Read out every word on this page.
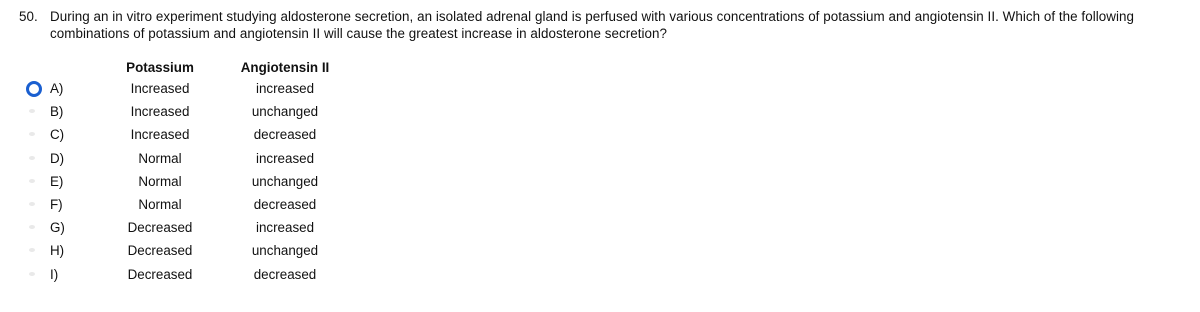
50. During an in vitro experiment studying aldosterone secretion, an isolated adrenal gland is perfused with various concentrations of potassium and angiotensin II. Which of the following
combinations of potassium and angiotensin II will cause the greatest increase in aldosterone secretion?
Potassium	Angiotensin II
A)	Increased	increased
B)	Increased	unchanged
C)	Increased	decreased
D)	Normal	increased
E)	Normal	unchanged
F)	Normal	decreased
G)	Decreased	increased
H)	Decreased	unchanged
I)	Decreased	decreased
